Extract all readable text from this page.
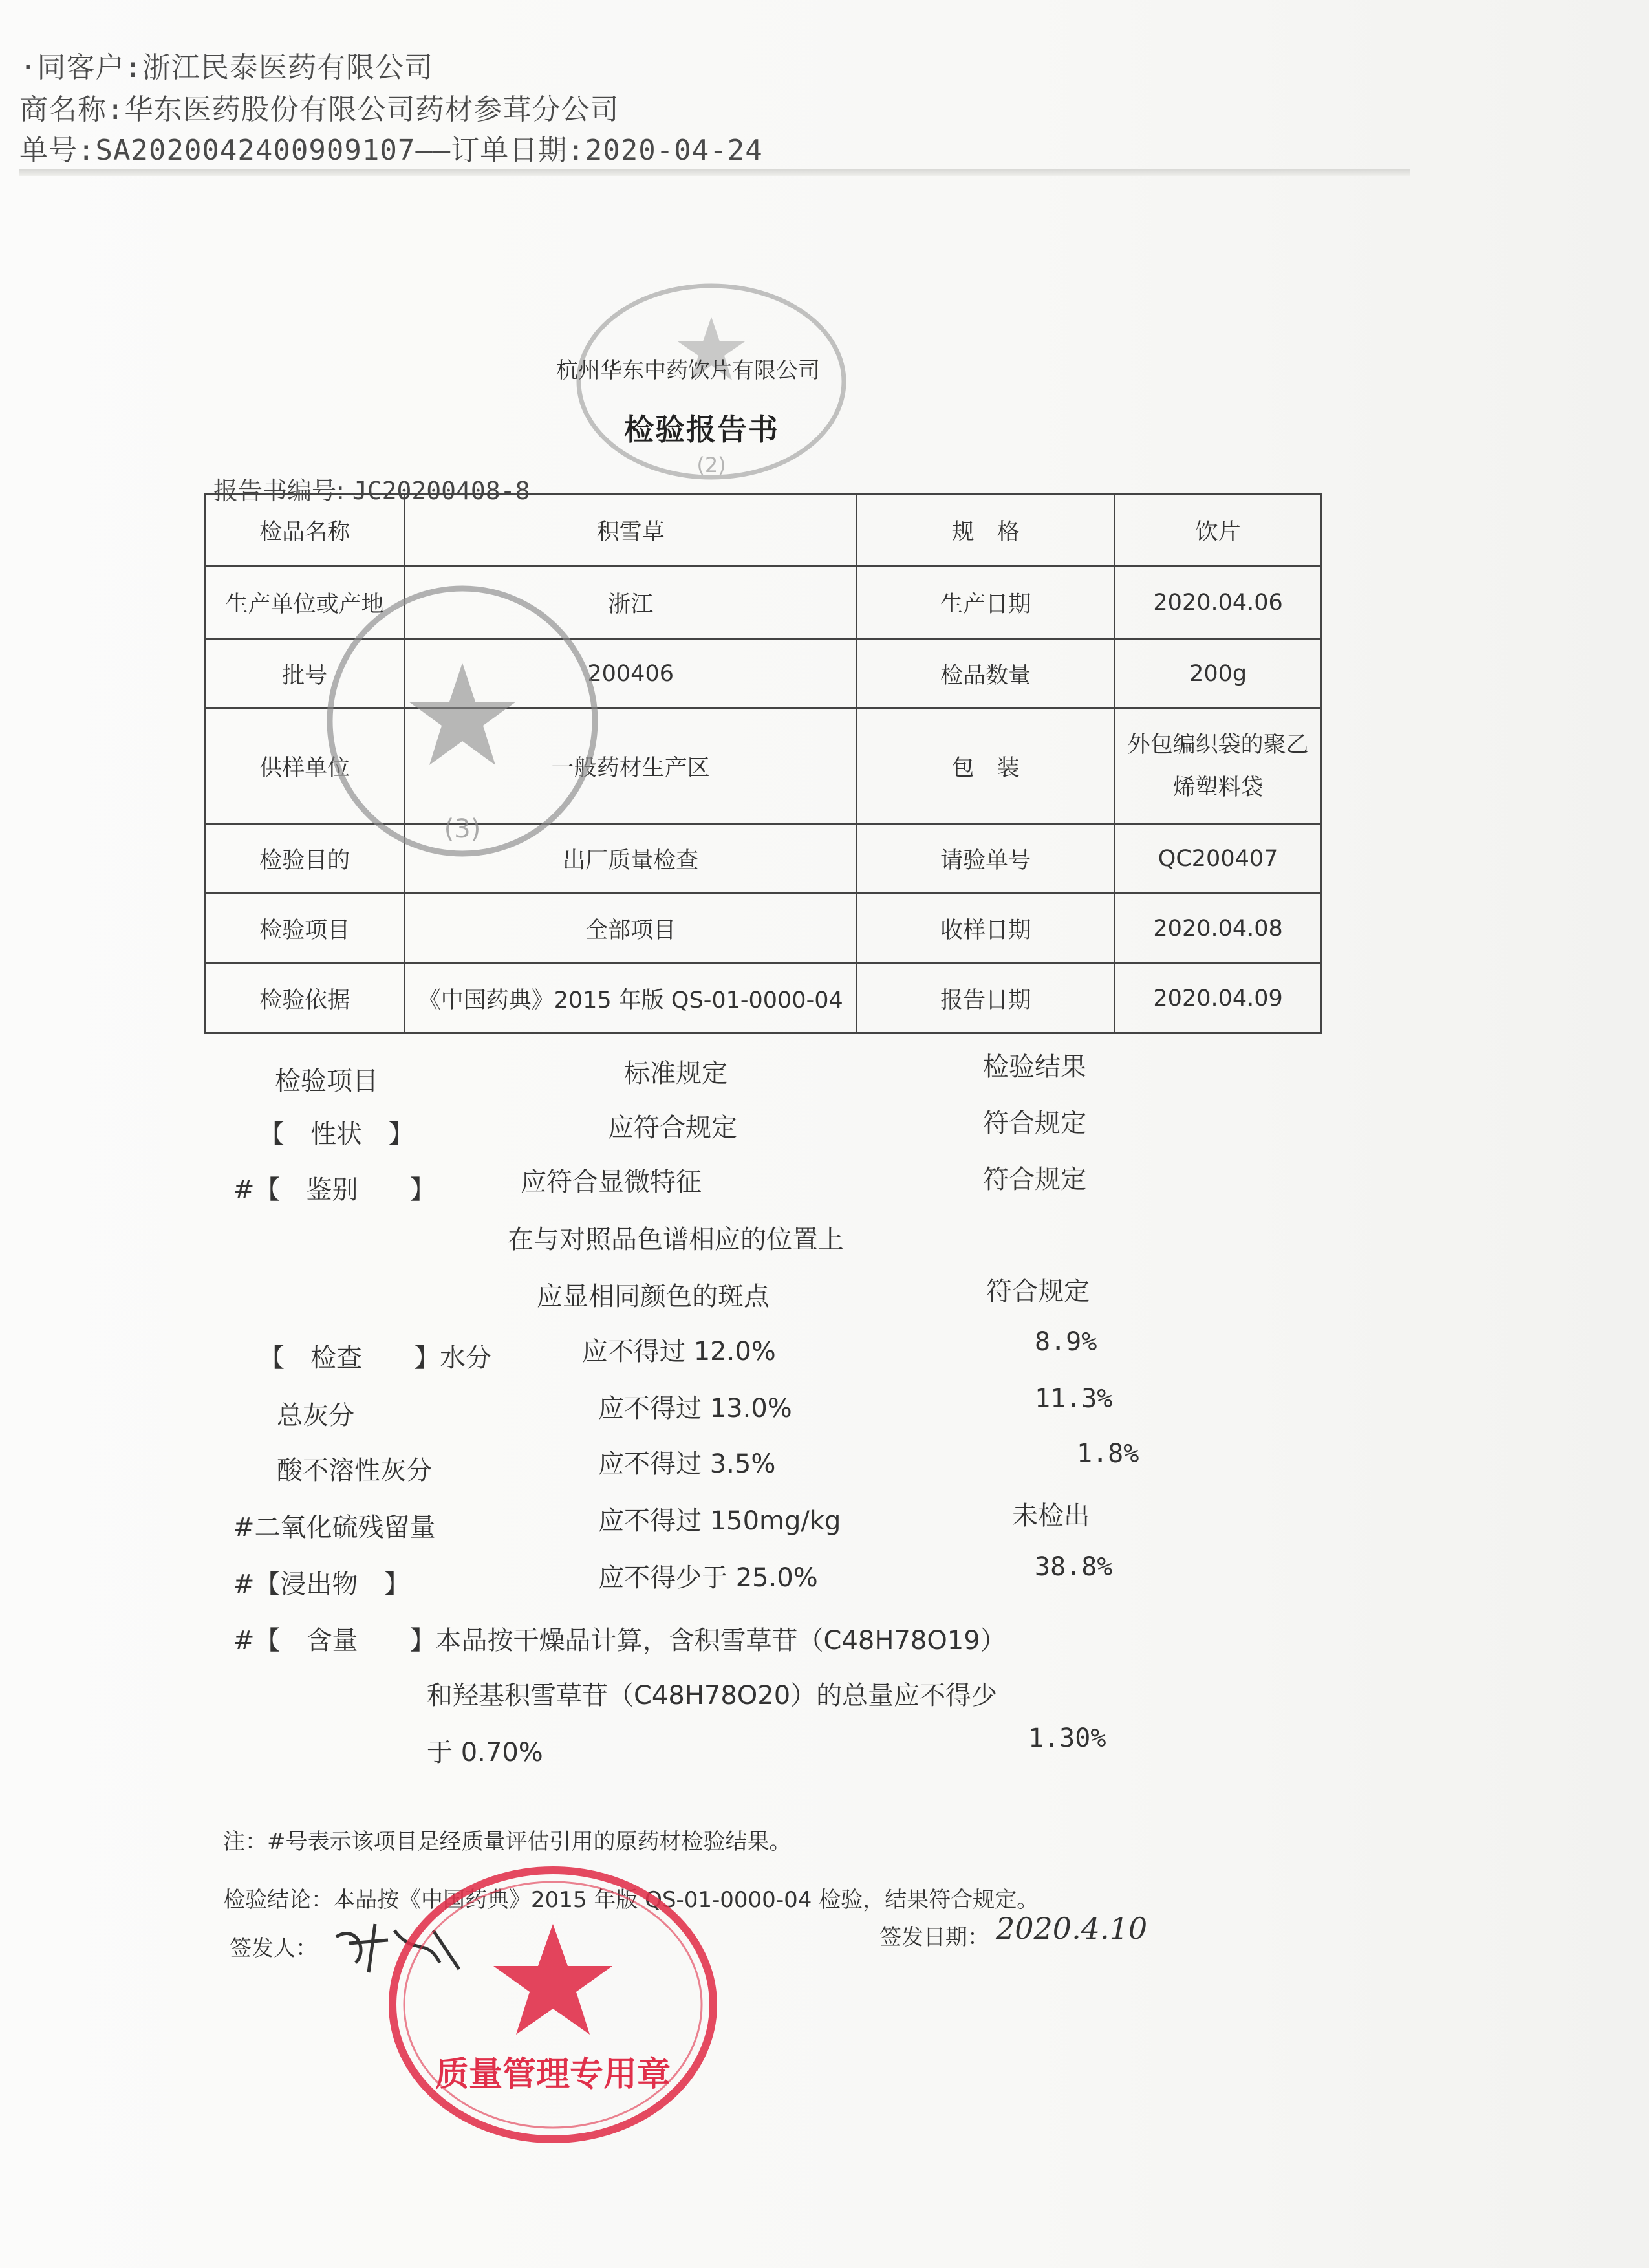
·同客户:浙江民泰医药有限公司
商名称:华东医药股份有限公司药材参茸分公司
单号:SA2020042400909107——订单日期:2020-04-24
(2)
杭州华东中药饮片有限公司
检验报告书
报告书编号: JC20200408-8
检品名称	积雪草	规　格	饮片
生产单位或产地	浙江	生产日期	2020.04.06
批号	200406	检品数量	200g
供样单位	一般药材生产区	包　装	外包编织袋的聚乙烯塑料袋
检验目的	出厂质量检查	请验单号	QC200407
检验项目	全部项目	收样日期	2020.04.08
检验依据	《中国药典》2015 年版 QS-01-0000-04	报告日期	2020.04.09
(3)
检验项目	标准规定	检验结果
【　性状　】	应符合规定	符合规定
#【　鉴别　　】	应符合显微特征	符合规定
在与对照品色谱相应的位置上
应显相同颜色的斑点	符合规定
【　检查　　】水分	应不得过 12.0%	8.9%
总灰分	应不得过 13.0%	11.3%
酸不溶性灰分	应不得过 3.5%	1.8%
#二氧化硫残留量	应不得过 150mg/kg	未检出
#【浸出物　】	应不得少于 25.0%	38.8%
#【　含量　　】本品按干燥品计算，含积雪草苷（C48H78O19）
和羟基积雪草苷（C48H78O20）的总量应不得少
于 0.70%	1.30%
注：#号表示该项目是经质量评估引用的原药材检验结果。
检验结论：本品按《中国药典》2015 年版 QS-01-0000-04 检验，结果符合规定。
签发人：	签发日期： 2020.4.10
质量管理专用章
